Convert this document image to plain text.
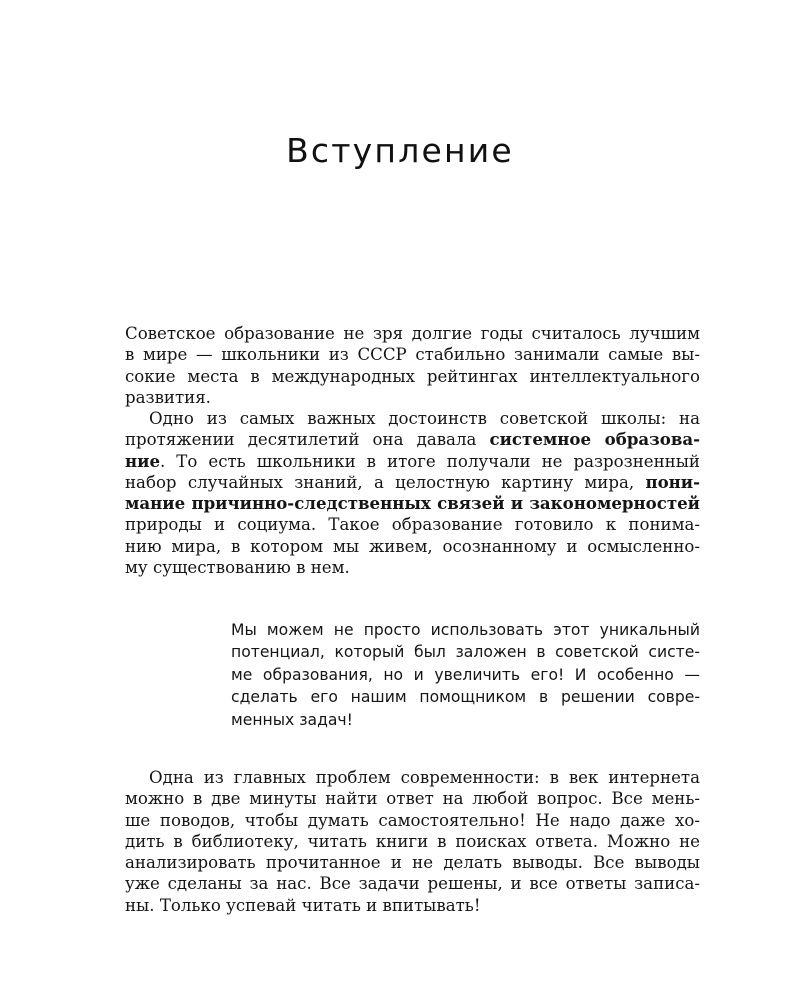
Вступление
Советское образование не зря долгие годы считалось лучшим
в мире — школьники из СССР стабильно занимали самые вы-
сокие места в международных рейтингах интеллектуального
развития.
Одно из самых важных достоинств советской школы: на
протяжении десятилетий она давала системное образова-
ние. То есть школьники в итоге получали не разрозненный
набор случайных знаний, а целостную картину мира, пони-
мание причинно-следственных связей и закономерностей
природы и социума. Такое образование готовило к понима-
нию мира, в котором мы живем, осознанному и осмысленно-
му существованию в нем.
Мы можем не просто использовать этот уникальный
потенциал, который был заложен в советской систе-
ме образования, но и увеличить его! И особенно —
сделать его нашим помощником в решении совре-
менных задач!
Одна из главных проблем современности: в век интернета
можно в две минуты найти ответ на любой вопрос. Все мень-
ше поводов, чтобы думать самостоятельно! Не надо даже хо-
дить в библиотеку, читать книги в поисках ответа. Можно не
анализировать прочитанное и не делать выводы. Все выводы
уже сделаны за нас. Все задачи решены, и все ответы записа-
ны. Только успевай читать и впитывать!
